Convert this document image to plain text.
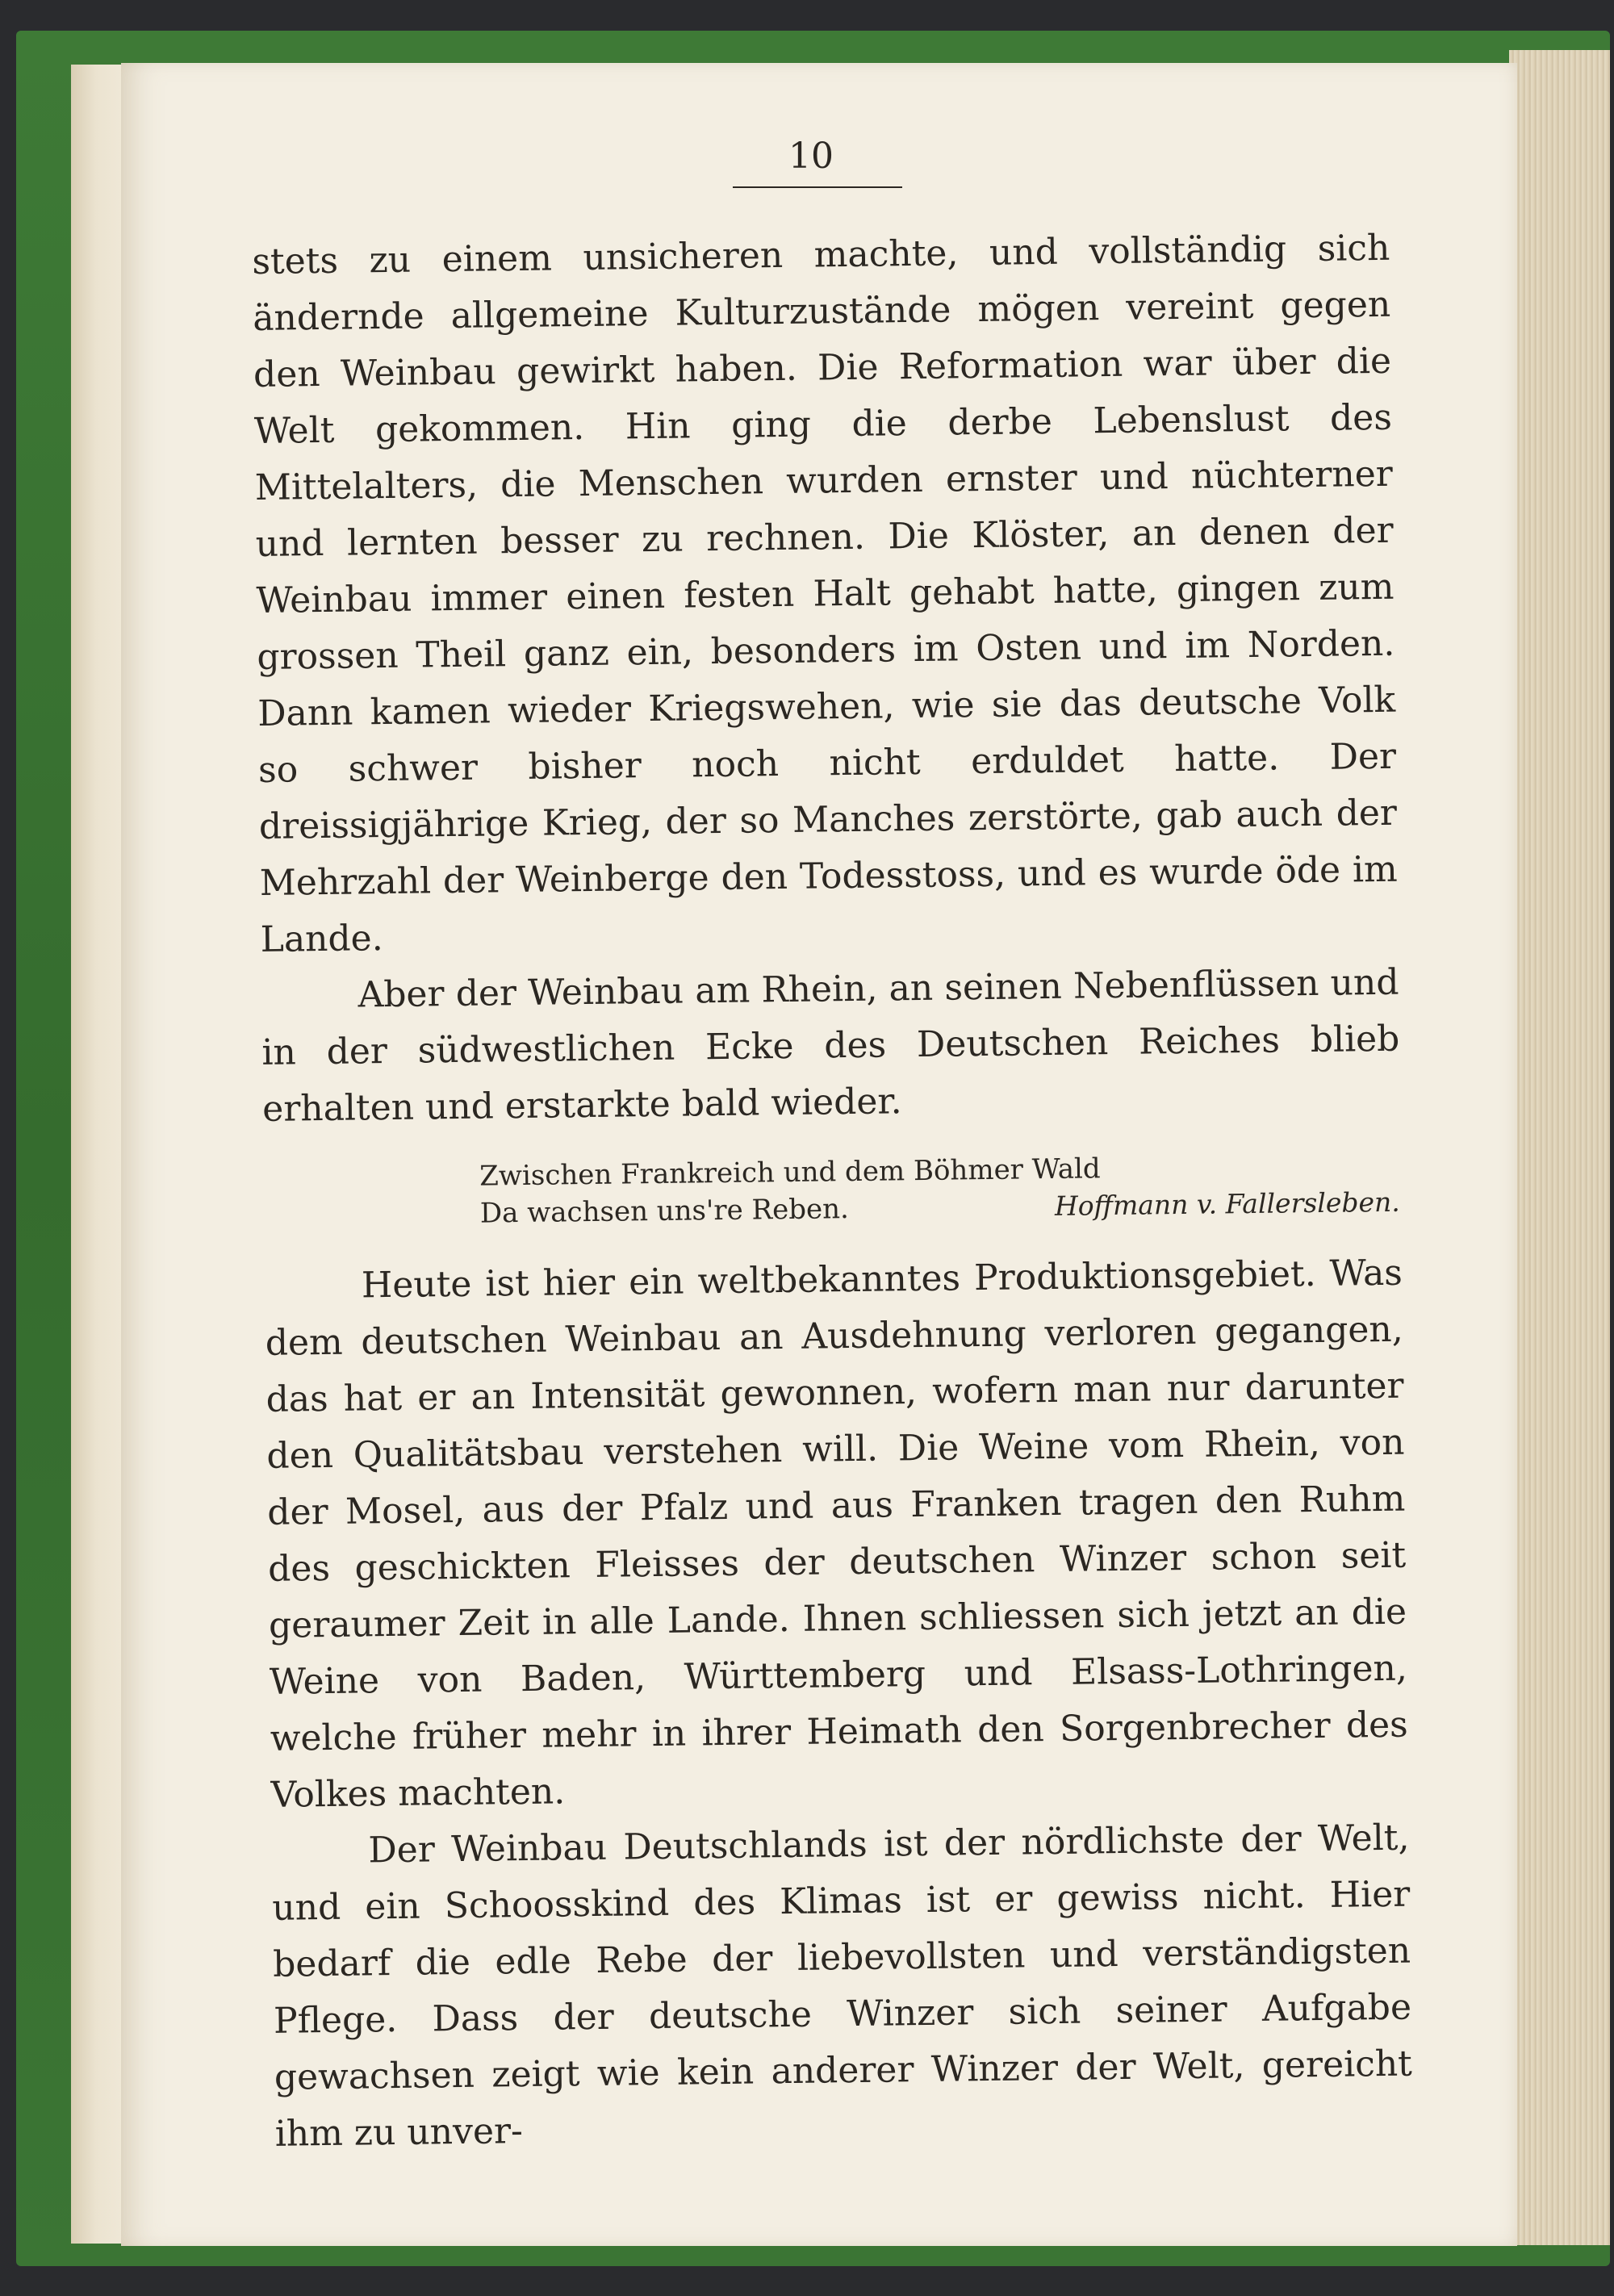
10

stets zu einem unsicheren machte, und vollständig sich ändernde allgemeine Kulturzustände mögen vereint gegen den Weinbau gewirkt haben. Die Reformation war über die Welt gekommen. Hin ging die derbe Lebenslust des Mittelalters, die Menschen wurden ernster und nüchterner und lernten besser zu rechnen. Die Klöster, an denen der Weinbau immer einen festen Halt gehabt hatte, gingen zum grossen Theil ganz ein, besonders im Osten und im Norden. Dann kamen wieder Kriegswehen, wie sie das deutsche Volk so schwer bisher noch nicht erduldet hatte. Der dreissigjährige Krieg, der so Manches zerstörte, gab auch der Mehrzahl der Weinberge den Todesstoss, und es wurde öde im Lande.

Aber der Weinbau am Rhein, an seinen Nebenflüssen und in der südwestlichen Ecke des Deutschen Reiches blieb erhalten und erstarkte bald wieder.

Zwischen Frankreich und dem Böhmer Wald
Da wachsen uns're Reben.	Hoffmann v. Fallersleben.

Heute ist hier ein weltbekanntes Produktionsgebiet. Was dem deutschen Weinbau an Ausdehnung verloren gegangen, das hat er an Intensität gewonnen, wofern man nur darunter den Qualitätsbau verstehen will. Die Weine vom Rhein, von der Mosel, aus der Pfalz und aus Franken tragen den Ruhm des geschickten Fleisses der deutschen Winzer schon seit geraumer Zeit in alle Lande. Ihnen schliessen sich jetzt an die Weine von Baden, Württemberg und Elsass-Lothringen, welche früher mehr in ihrer Heimath den Sorgenbrecher des Volkes machten.

Der Weinbau Deutschlands ist der nördlichste der Welt, und ein Schoosskind des Klimas ist er gewiss nicht. Hier bedarf die edle Rebe der liebevollsten und verständigsten Pflege. Dass der deutsche Winzer sich seiner Aufgabe gewachsen zeigt wie kein anderer Winzer der Welt, gereicht ihm zu unver-
